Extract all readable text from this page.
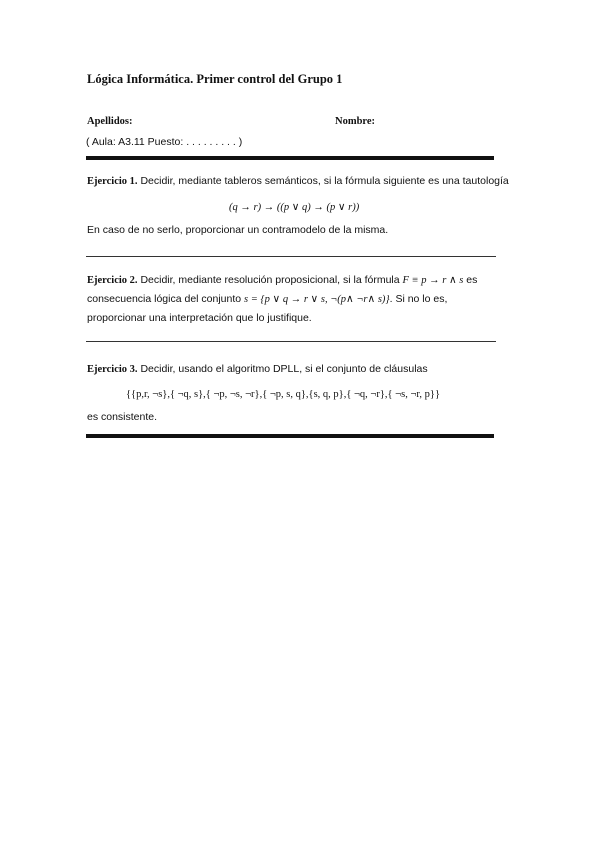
Lógica Informática. Primer control del Grupo 1
Apellidos:	Nombre:
( Aula: A3.11 Puesto: . . . . . . . . . )
Ejercicio 1. Decidir, mediante tableros semánticos, si la fórmula siguiente es una tautología
(q → r) → ((p ∨ q) → (p ∨ r))
En caso de no serlo, proporcionar un contramodelo de la misma.
Ejercicio 2. Decidir, mediante resolución proposicional, si la fórmula F ≡ p → r ∧ s es
consecuencia lógica del conjunto s = {p ∨ q → r ∨ s, ¬(p∧ ¬r∧ s)}. Si no lo es,
proporcionar una interpretación que lo justifique.
Ejercicio 3. Decidir, usando el algoritmo DPLL, si el conjunto de cláusulas
{{p,r, ¬s},{ ¬q, s},{ ¬p, ¬s, ¬r},{ ¬p, s, q},{s, q, p},{ ¬q, ¬r},{ ¬s, ¬r, p}}
es consistente.
